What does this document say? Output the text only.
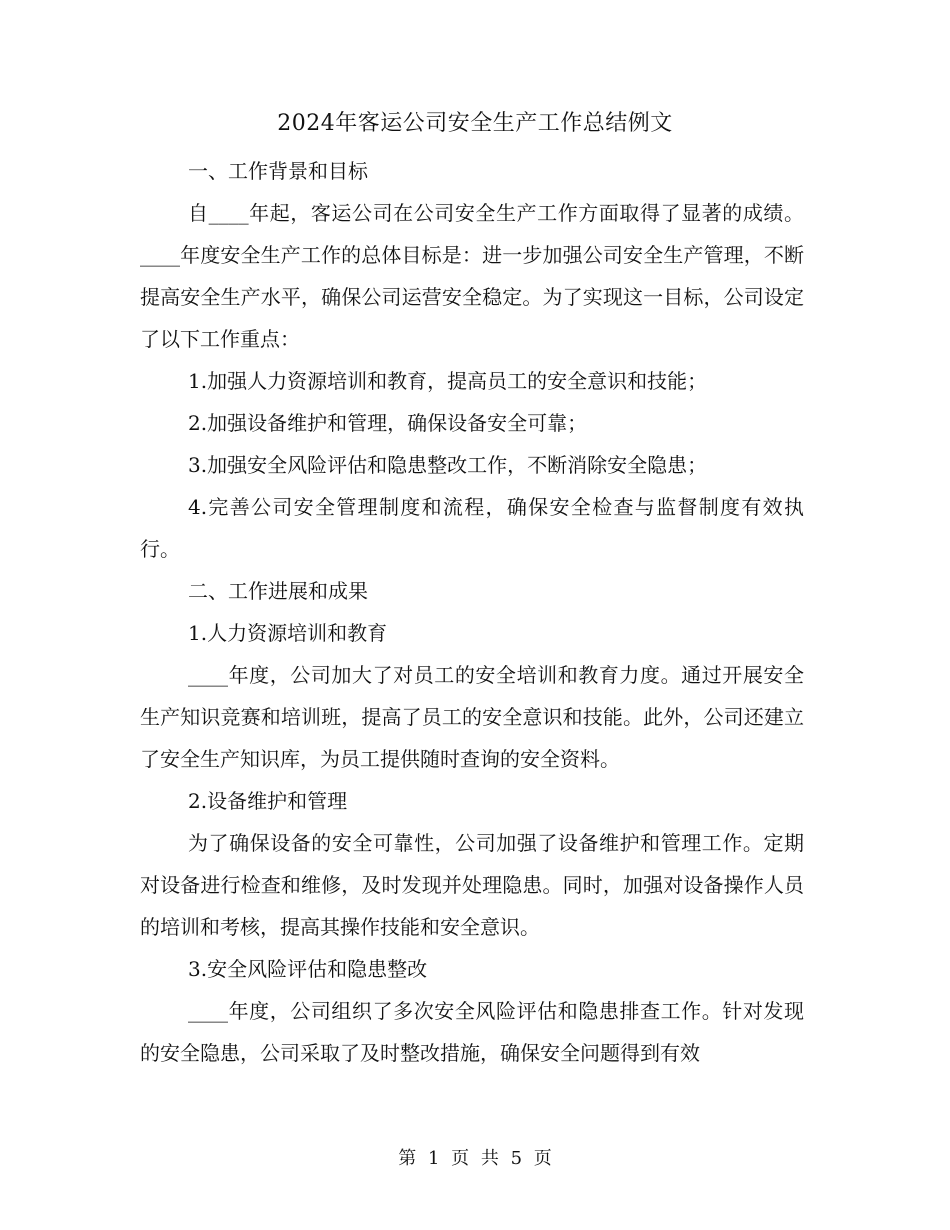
2024年客运公司安全生产工作总结例文

一、工作背景和目标

自____年起，客运公司在公司安全生产工作方面取得了显著的成绩。____年度安全生产工作的总体目标是：进一步加强公司安全生产管理，不断提高安全生产水平，确保公司运营安全稳定。为了实现这一目标，公司设定了以下工作重点：

1.加强人力资源培训和教育，提高员工的安全意识和技能；

2.加强设备维护和管理，确保设备安全可靠；

3.加强安全风险评估和隐患整改工作，不断消除安全隐患；

4.完善公司安全管理制度和流程，确保安全检查与监督制度有效执行。

二、工作进展和成果

1.人力资源培训和教育

____年度，公司加大了对员工的安全培训和教育力度。通过开展安全生产知识竞赛和培训班，提高了员工的安全意识和技能。此外，公司还建立了安全生产知识库，为员工提供随时查询的安全资料。

2.设备维护和管理

为了确保设备的安全可靠性，公司加强了设备维护和管理工作。定期对设备进行检查和维修，及时发现并处理隐患。同时，加强对设备操作人员的培训和考核，提高其操作技能和安全意识。

3.安全风险评估和隐患整改

____年度，公司组织了多次安全风险评估和隐患排查工作。针对发现的安全隐患，公司采取了及时整改措施，确保安全问题得到有效

第 1 页 共 5 页
